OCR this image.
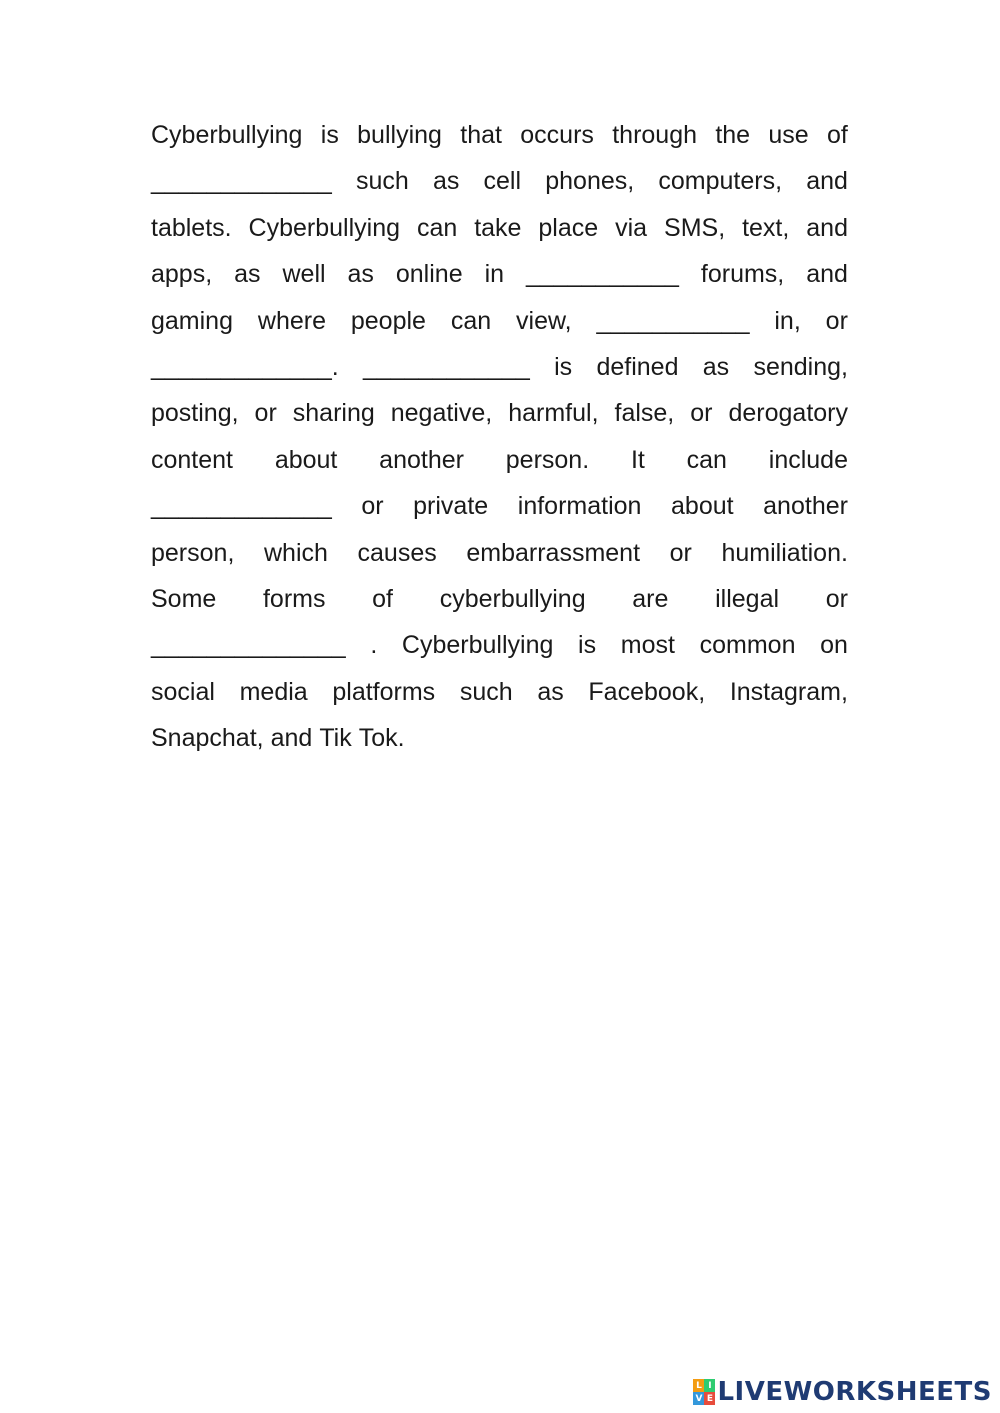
Cyberbullying is bullying that occurs through the use of
_____________ such as cell phones, computers, and
tablets. Cyberbullying can take place via SMS, text, and
apps, as well as online in ___________ forums, and
gaming where people can view, ___________ in, or
_____________. ____________ is defined as sending,
posting, or sharing negative, harmful, false, or derogatory
content about another person. It can include
_____________ or private information about another
person, which causes embarrassment or humiliation.
Some forms of cyberbullying are illegal or
______________ . Cyberbullying is most common on
social media platforms such as Facebook, Instagram,
Snapchat, and Tik Tok.
L I
V E LIVEWORKSHEETS
